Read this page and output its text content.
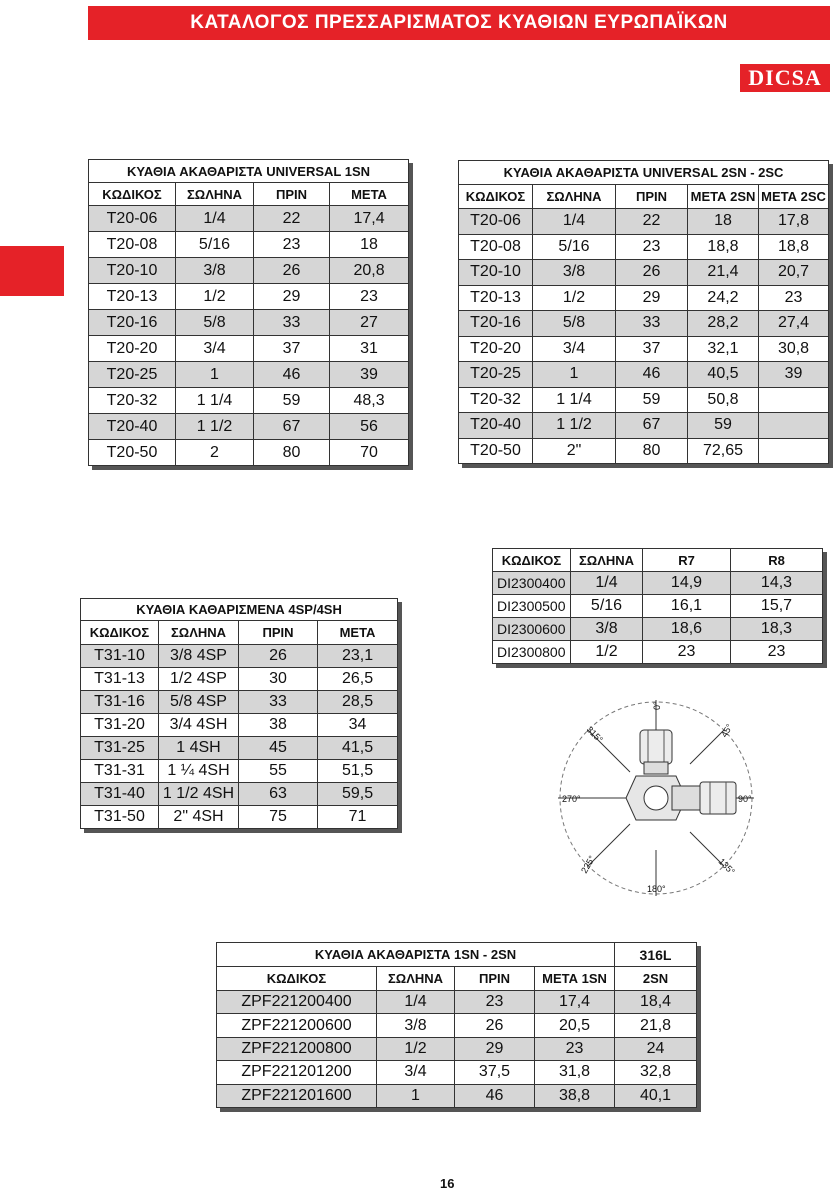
ΚΑΤΑΛΟΓΟΣ ΠΡΕΣΣΑΡΙΣΜΑΤΟΣ ΚΥΑΘΙΩΝ ΕΥΡΩΠΑΪΚΩΝ
DICSA
ΚΥΑΘΙΑ ΑΚΑΘΑΡΙΣΤΑ UNIVERSAL 1SN			
ΚΩΔΙΚΟΣ	ΣΩΛΗΝΑ	ΠΡΙΝ	ΜΕΤΑ
T20-06	1/4	22	17,4
T20-08	5/16	23	18
T20-10	3/8	26	20,8
T20-13	1/2	29	23
T20-16	5/8	33	27
T20-20	3/4	37	31
T20-25	1	46	39
T20-32	1 1/4	59	48,3
T20-40	1 1/2	67	56
T20-50	2	80	70
ΚΥΑΘΙΑ ΑΚΑΘΑΡΙΣΤΑ UNIVERSAL 2SN - 2SC				
ΚΩΔΙΚΟΣ	ΣΩΛΗΝΑ	ΠΡΙΝ	ΜΕΤΑ 2SN	ΜΕΤΑ 2SC
T20-06	1/4	22	18	17,8
T20-08	5/16	23	18,8	18,8
T20-10	3/8	26	21,4	20,7
T20-13	1/2	29	24,2	23
T20-16	5/8	33	28,2	27,4
T20-20	3/4	37	32,1	30,8
T20-25	1	46	40,5	39
T20-32	1 1/4	59	50,8	
T20-40	1 1/2	67	59	
T20-50	2"	80	72,65	
ΚΩΔΙΚΟΣ	ΣΩΛΗΝΑ	R7	R8
DI2300400	1/4	14,9	14,3
DI2300500	5/16	16,1	15,7
DI2300600	3/8	18,6	18,3
DI2300800	1/2	23	23
ΚΥΑΘΙΑ ΚΑΘΑΡΙΣΜΕΝΑ 4SP/4SH			
ΚΩΔΙΚΟΣ	ΣΩΛΗΝΑ	ΠΡΙΝ	ΜΕΤΑ
T31-10	3/8 4SP	26	23,1
T31-13	1/2 4SP	30	26,5
T31-16	5/8 4SP	33	28,5
T31-20	3/4 4SH	38	34
T31-25	1 4SH	45	41,5
T31-31	1 ¼ 4SH	55	51,5
T31-40	1 1/2 4SH	63	59,5
T31-50	2" 4SH	75	71
0°
45°
90°
135°
180°
225°
270°
315°
ΚΥΑΘΙΑ ΑΚΑΘΑΡΙΣΤΑ 1SN - 2SN				316L
ΚΩΔΙΚΟΣ	ΣΩΛΗΝΑ	ΠΡΙΝ	ΜΕΤΑ 1SN	2SN
ZPF221200400	1/4	23	17,4	18,4
ZPF221200600	3/8	26	20,5	21,8
ZPF221200800	1/2	29	23	24
ZPF221201200	3/4	37,5	31,8	32,8
ZPF221201600	1	46	38,8	40,1
16
